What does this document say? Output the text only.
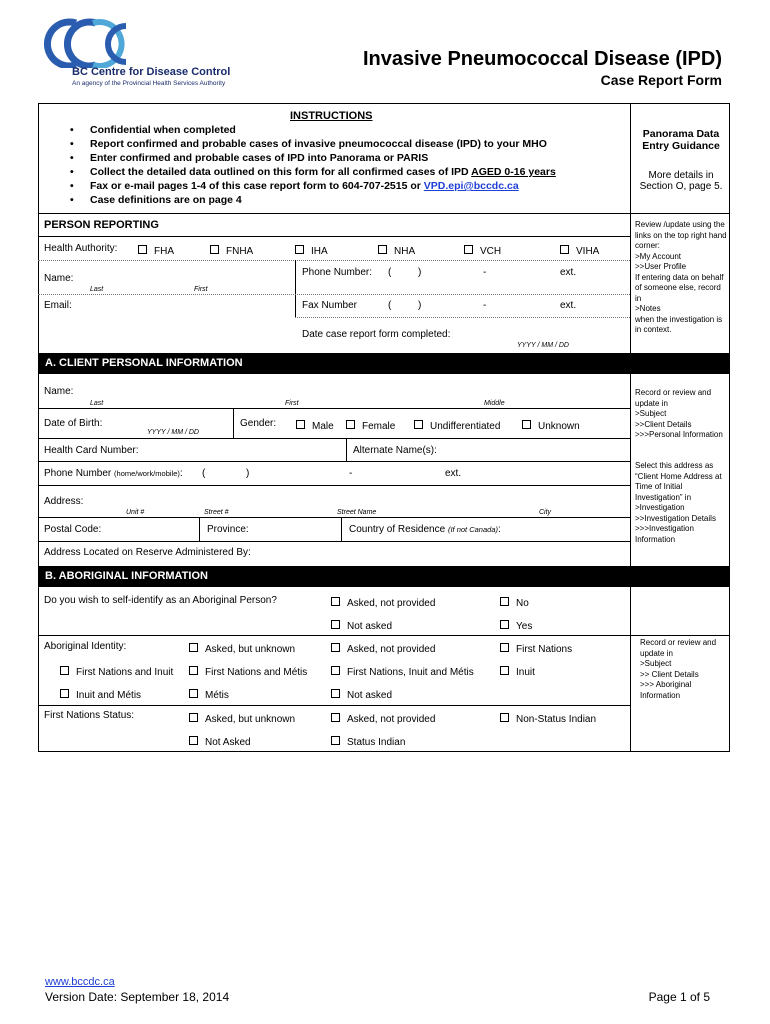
BC Centre for Disease Control
An agency of the Provincial Health Services Authority
Invasive Pneumococcal Disease (IPD)
Case Report Form
INSTRUCTIONS
• Confidential when completed
• Report confirmed and probable cases of invasive pneumococcal disease (IPD) to your MHO
• Enter confirmed and probable cases of IPD into Panorama or PARIS
• Collect the detailed data outlined on this form for all confirmed cases of IPD AGED 0-16 years
• Fax or e-mail pages 1-4 of this case report form to 604-707-2515 or VPD.epi@bccdc.ca
• Case definitions are on page 4
Panorama Data Entry Guidance
More details in Section O, page 5.
PERSON REPORTING
Health Authority:	FHA	FNHA	IHA	NHA	VCH	VIHA
Name:
Last	First
Phone Number: (	)	-	ext.
Email:	Fax Number	(	)	-	ext.
Date case report form completed:
YYYY / MM / DD
Review /update using the links on the top right hand corner:
>My Account
>>User Profile
If entering data on behalf of someone else, record in
>Notes
when the investigation is in context.
A. CLIENT PERSONAL INFORMATION
Name:
Last	First	Middle
Date of Birth:
YYYY / MM / DD
Gender:	Male	Female	Undifferentiated	Unknown
Health Card Number:	Alternate Name(s):
Phone Number (home/work/mobile): (	)	-	ext.
Address:
Unit #	Street #	Street Name	City
Postal Code:	Province:	Country of Residence (If not Canada):
Address Located on Reserve Administered By:
Record or review and update in
>Subject
>>Client Details
>>>Personal Information
Select this address as “Client Home Address at Time of Initial Investigation” in
>Investigation
>>Investigation Details
>>>Investigation Information
B. ABORIGINAL INFORMATION
Do you wish to self-identify as an Aboriginal Person?	Asked, not provided	No
Not asked	Yes
Aboriginal Identity:	Asked, but unknown	Asked, not provided	First Nations
First Nations and Inuit	First Nations and Métis	First Nations, Inuit and Métis	Inuit
Inuit and Métis	Métis	Not asked
First Nations Status:	Asked, but unknown	Asked, not provided	Non-Status Indian
Not Asked	Status Indian
Record or review and update in
>Subject
>> Client Details
>>> Aboriginal Information
www.bccdc.ca
Version Date: September 18, 2014	Page 1 of 5
